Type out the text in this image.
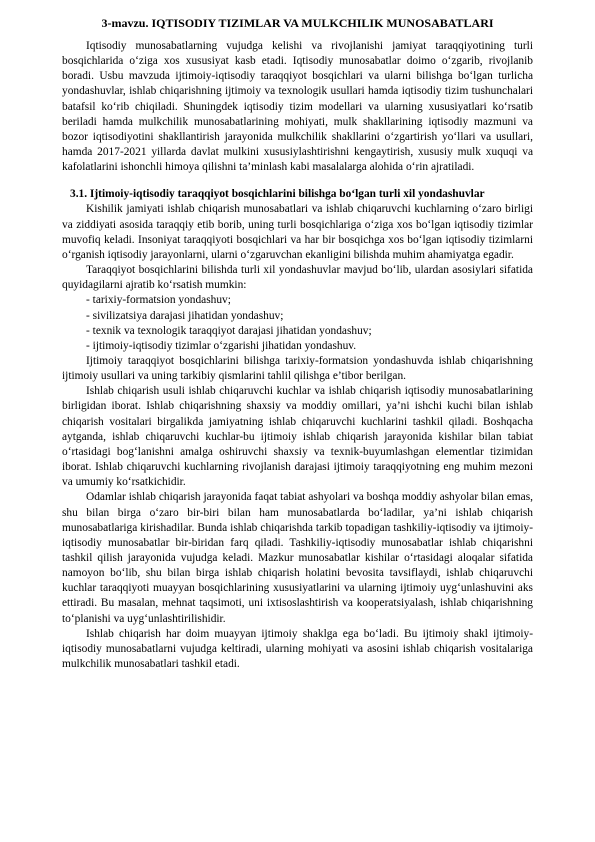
3-mavzu. IQTISODIY TIZIMLAR VA MULKCHILIK MUNOSABATLARI

Iqtisodiy munosabatlarning vujudga kelishi va rivojlanishi jamiyat taraqqiyotining turli bosqichlarida o‘ziga xos xususiyat kasb etadi. Iqtisodiy munosabatlar doimo o‘zgarib, rivojlanib boradi. Usbu mavzuda ijtimoiy-iqtisodiy taraqqiyot bosqichlari va ularni bilishga bo‘lgan turlicha yondashuvlar, ishlab chiqarishning ijtimoiy va texnologik usullari hamda iqtisodiy tizim tushunchalari batafsil ko‘rib chiqiladi. Shuningdek iqtisodiy tizim modellari va ularning xususiyatlari ko‘rsatib beriladi hamda mulkchilik munosabatlarining mohiyati, mulk shakllarining iqtisodiy mazmuni va bozor iqtisodiyotini shakllantirish jarayonida mulkchilik shakllarini o‘zgartirish yo‘llari va usullari, hamda 2017-2021 yillarda davlat mulkini xususiylashtirishni kengaytirish, xususiy mulk xuquqi va kafolatlarini ishonchli himoya qilishni ta’minlash kabi masalalarga alohida o‘rin ajratiladi.

3.1. Ijtimoiy-iqtisodiy taraqqiyot bosqichlarini bilishga bo‘lgan turli xil yondashuvlar

Kishilik jamiyati ishlab chiqarish munosabatlari va ishlab chiqaruvchi kuchlarning o‘zaro birligi va ziddiyati asosida taraqqiy etib borib, uning turli bosqichlariga o‘ziga xos bo‘lgan iqtisodiy tizimlar muvofiq keladi. Insoniyat taraqqiyoti bosqichlari va har bir bosqichga xos bo‘lgan iqtisodiy tizimlarni o‘rganish iqtisodiy jarayonlarni, ularni o‘zgaruvchan ekanligini bilishda muhim ahamiyatga egadir.

Taraqqiyot bosqichlarini bilishda turli xil yondashuvlar mavjud bo‘lib, ulardan asosiylari sifatida quyidagilarni ajratib ko‘rsatish mumkin:

- tarixiy-formatsion yondashuv;
- sivilizatsiya darajasi jihatidan yondashuv;
- texnik va texnologik taraqqiyot darajasi jihatidan yondashuv;
- ijtimoiy-iqtisodiy tizimlar o‘zgarishi jihatidan yondashuv.

Ijtimoiy taraqqiyot bosqichlarini bilishga tarixiy-formatsion yondashuvda ishlab chiqarishning ijtimoiy usullari va uning tarkibiy qismlarini tahlil qilishga e’tibor berilgan.

Ishlab chiqarish usuli ishlab chiqaruvchi kuchlar va ishlab chiqarish iqtisodiy munosabatlarining birligidan iborat. Ishlab chiqarishning shaxsiy va moddiy omillari, ya’ni ishchi kuchi bilan ishlab chiqarish vositalari birgalikda jamiyatning ishlab chiqaruvchi kuchlarini tashkil qiladi. Boshqacha aytganda, ishlab chiqaruvchi kuchlar-bu ijtimoiy ishlab chiqarish jarayonida kishilar bilan tabiat o‘rtasidagi bog‘lanishni amalga oshiruvchi shaxsiy va texnik-buyumlashgan elementlar tizimidan iborat. Ishlab chiqaruvchi kuchlarning rivojlanish darajasi ijtimoiy taraqqiyotning eng muhim mezoni va umumiy ko‘rsatkichidir.

Odamlar ishlab chiqarish jarayonida faqat tabiat ashyolari va boshqa moddiy ashyolar bilan emas, shu bilan birga o‘zaro bir-biri bilan ham munosabatlarda bo‘ladilar, ya’ni ishlab chiqarish munosabatlariga kirishadilar. Bunda ishlab chiqarishda tarkib topadigan tashkiliy-iqtisodiy va ijtimoiy-iqtisodiy munosabatlar bir-biridan farq qiladi. Tashkiliy-iqtisodiy munosabatlar ishlab chiqarishni tashkil qilish jarayonida vujudga keladi. Mazkur munosabatlar kishilar o‘rtasidagi aloqalar sifatida namoyon bo‘lib, shu bilan birga ishlab chiqarish holatini bevosita tavsiflaydi, ishlab chiqaruvchi kuchlar taraqqiyoti muayyan bosqichlarining xususiyatlarini va ularning ijtimoiy uyg‘unlashuvini aks ettiradi. Bu masalan, mehnat taqsimoti, uni ixtisoslashtirish va kooperatsiyalash, ishlab chiqarishning to‘planishi va uyg‘unlashtirilishidir.

Ishlab chiqarish har doim muayyan ijtimoiy shaklga ega bo‘ladi. Bu ijtimoiy shakl ijtimoiy-iqtisodiy munosabatlarni vujudga keltiradi, ularning mohiyati va asosini ishlab chiqarish vositalariga mulkchilik munosabatlari tashkil etadi.
